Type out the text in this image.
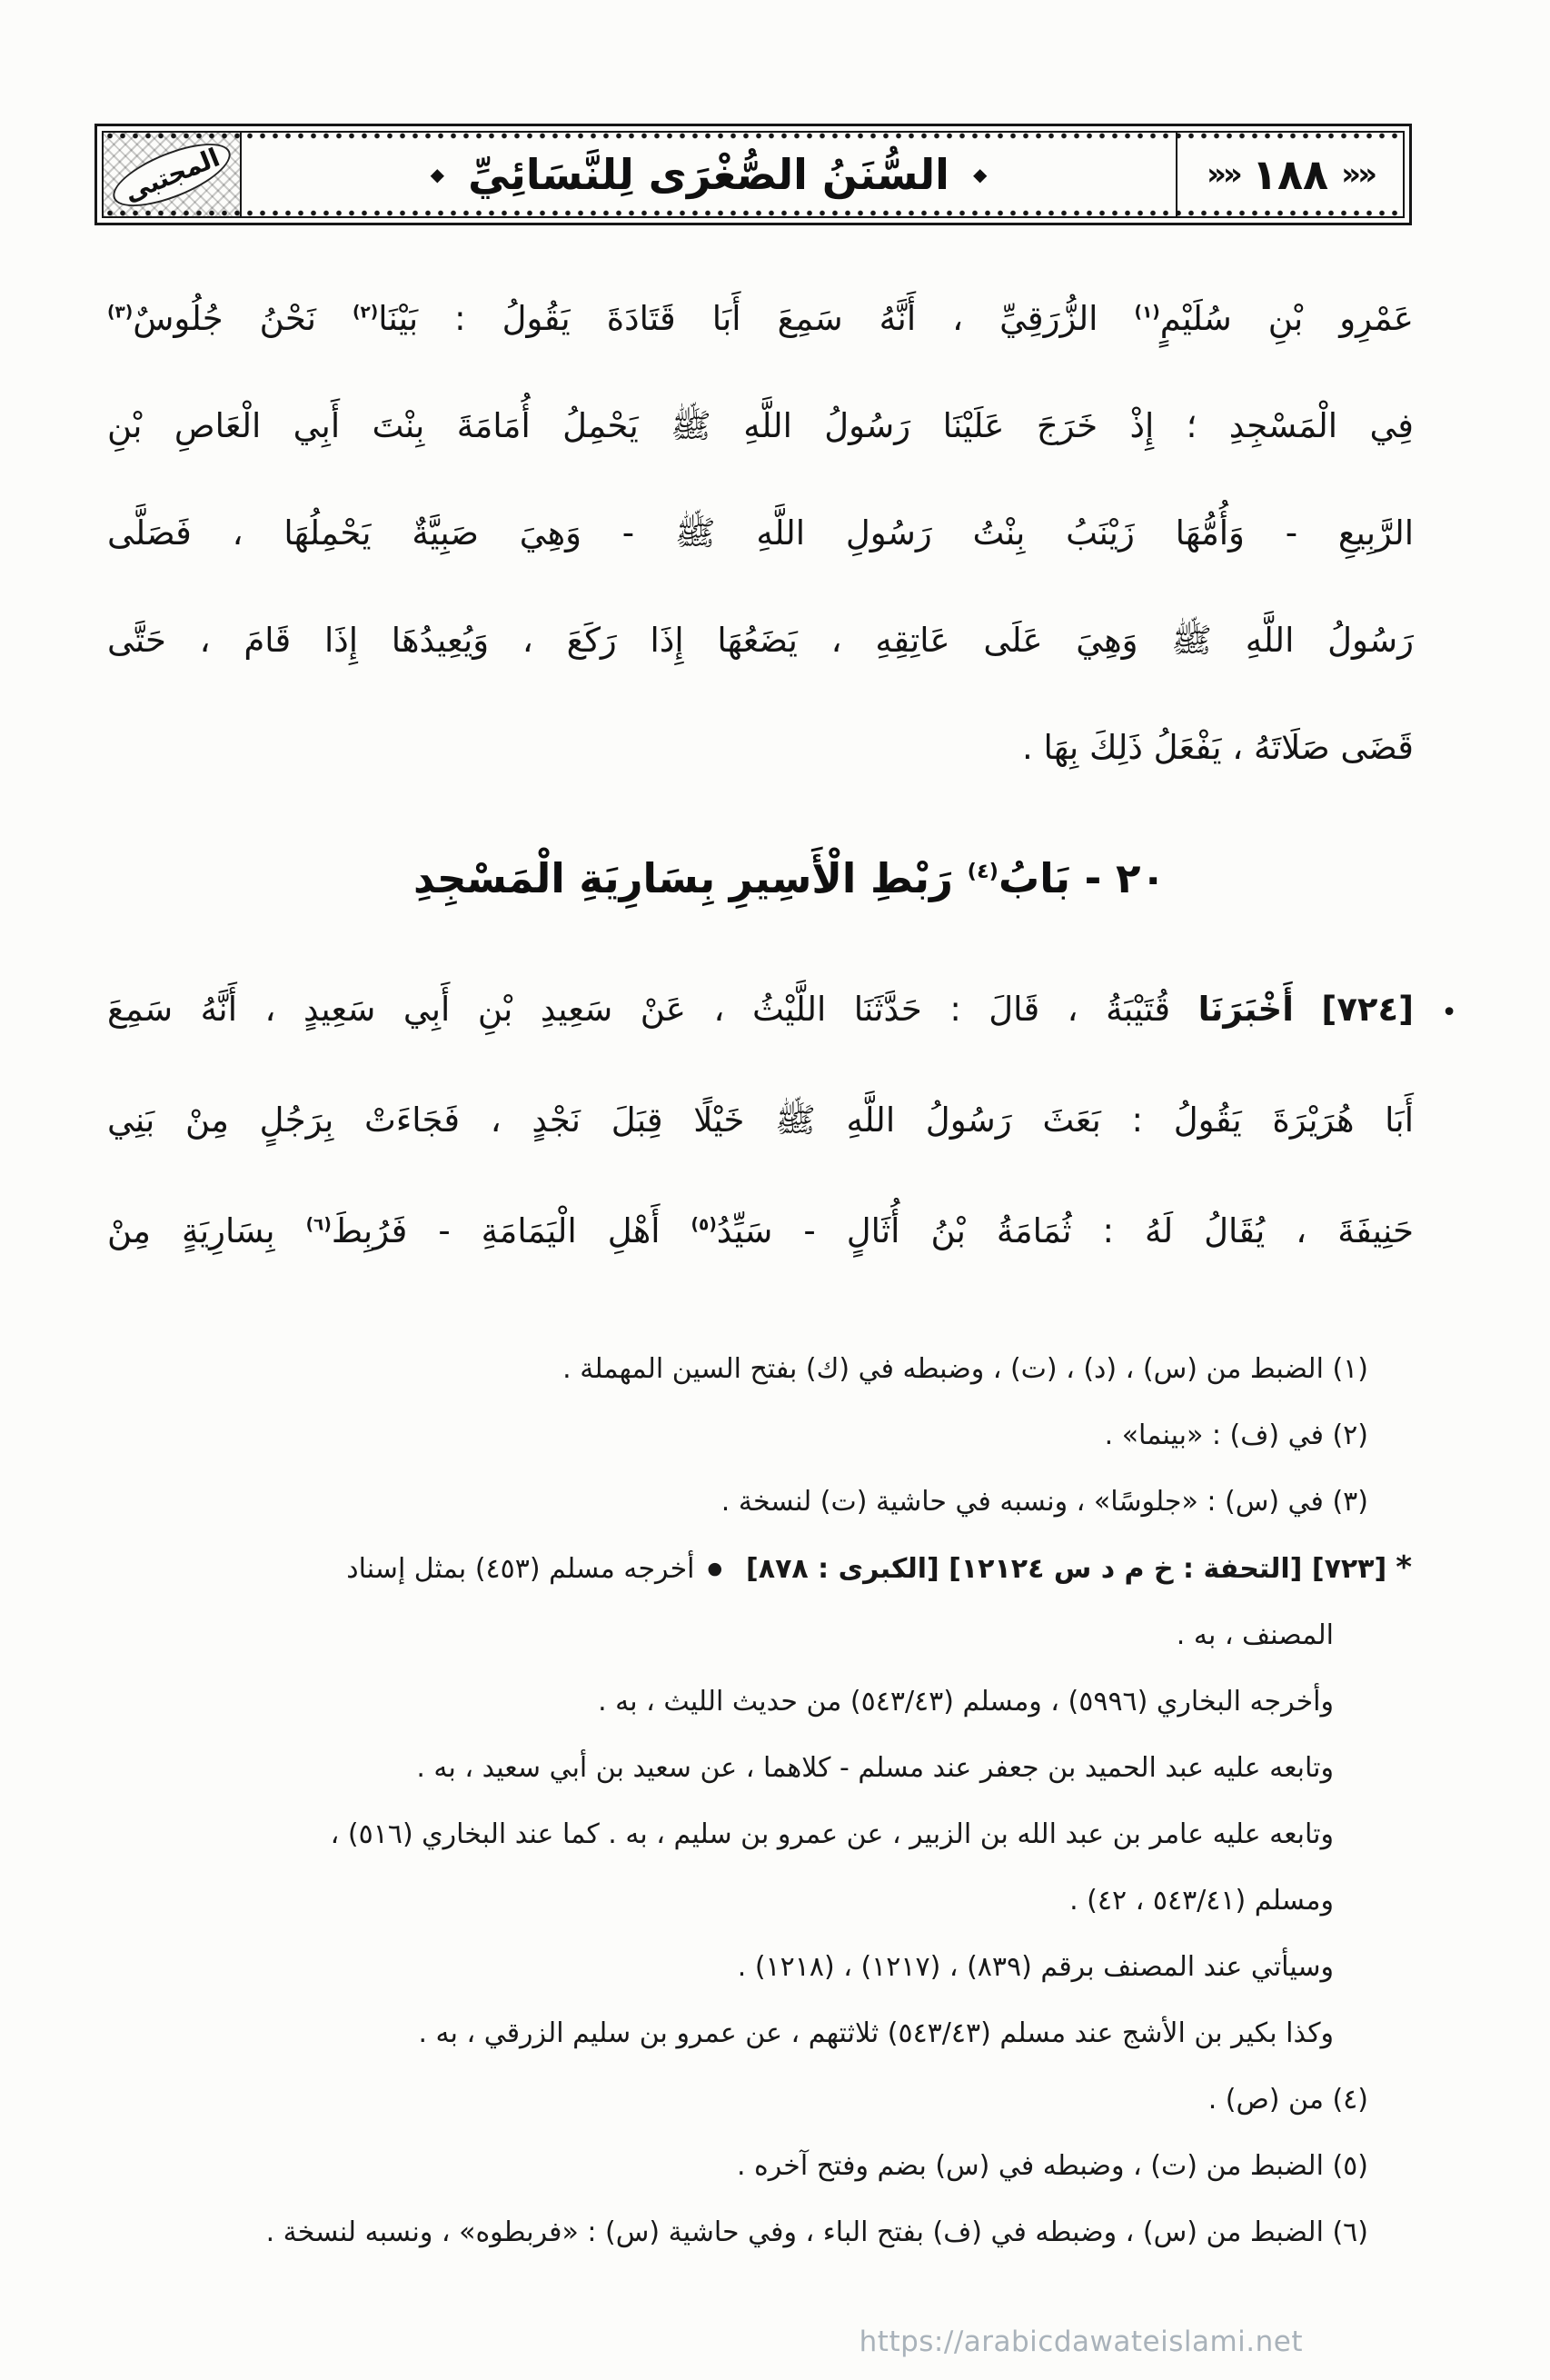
««
١٨٨
««
◆
السُّنَنُ الصُّغْرَى لِلنَّسَائِيِّ
◆
المجتبى

عَمْرِو بْنِ سُلَيْمٍ$^{(١)}$ الزُّرَقِيِّ ، أَنَّهُ سَمِعَ أَبَا قَتَادَةَ يَقُولُ : بَيْنَا$^{(٢)}$ نَحْنُ جُلُوسٌ$^{(٣)}$

فِي الْمَسْجِدِ ؛ إِذْ خَرَجَ عَلَيْنَا رَسُولُ اللَّهِ ﷺ يَحْمِلُ أُمَامَةَ بِنْتَ أَبِي الْعَاصِ بْنِ

الرَّبِيعِ - وَأُمُّهَا زَيْنَبُ بِنْتُ رَسُولِ اللَّهِ ﷺ - وَهِيَ صَبِيَّةٌ يَحْمِلُهَا ، فَصَلَّى

رَسُولُ اللَّهِ ﷺ وَهِيَ عَلَى عَاتِقِهِ ، يَضَعُهَا إِذَا رَكَعَ ، وَيُعِيدُهَا إِذَا قَامَ ، حَتَّى

قَضَى صَلَاتَهُ ، يَفْعَلُ ذَلِكَ بِهَا .

٢٠ - بَابُ$^{(٤)}$ رَبْطِ الْأَسِيرِ بِسَارِيَةِ الْمَسْجِدِ

•
[٧٢٤] أَخْبَرَنَا قُتَيْبَةُ ، قَالَ : حَدَّثَنَا اللَّيْثُ ، عَنْ سَعِيدِ بْنِ أَبِي سَعِيدٍ ، أَنَّهُ سَمِعَ

أَبَا هُرَيْرَةَ يَقُولُ : بَعَثَ رَسُولُ اللَّهِ ﷺ خَيْلًا قِبَلَ نَجْدٍ ، فَجَاءَتْ بِرَجُلٍ مِنْ بَنِي

حَنِيفَةَ ، يُقَالُ لَهُ : ثُمَامَةُ بْنُ أُثَالٍ - سَيِّدُ$^{(٥)}$ أَهْلِ الْيَمَامَةِ - فَرُبِطَ$^{(٦)}$ بِسَارِيَةٍ مِنْ

(١) الضبط من (س) ، (د) ، (ت) ، وضبطه في (ك) بفتح السين المهملة .

(٢) في (ف) : «بينما» .

(٣) في (س) : «جلوسًا» ، ونسبه في حاشية (ت) لنسخة .

*[٧٢٣] [التحفة : خ م د س ١٢١٢٤] [الكبرى : ٨٧٨]●أخرجه مسلم (٤٥٣) بمثل إسناد

المصنف ، به .

وأخرجه البخاري (٥٩٩٦) ، ومسلم (٥٤٣/٤٣) من حديث الليث ، به .

وتابعه عليه عبد الحميد بن جعفر عند مسلم - كلاهما ، عن سعيد بن أبي سعيد ، به .

وتابعه عليه عامر بن عبد الله بن الزبير ، عن عمرو بن سليم ، به . كما عند البخاري (٥١٦) ،

ومسلم (٥٤٣/٤١ ، ٤٢) .

وسيأتي عند المصنف برقم (٨٣٩) ، (١٢١٧) ، (١٢١٨) .

وكذا بكير بن الأشج عند مسلم (٥٤٣/٤٣) ثلاثتهم ، عن عمرو بن سليم الزرقي ، به .

(٤) من (ص) .

(٥) الضبط من (ت) ، وضبطه في (س) بضم وفتح آخره .

(٦) الضبط من (س) ، وضبطه في (ف) بفتح الباء ، وفي حاشية (س) : «فربطوه» ، ونسبه لنسخة .

https://arabicdawateislami.net
